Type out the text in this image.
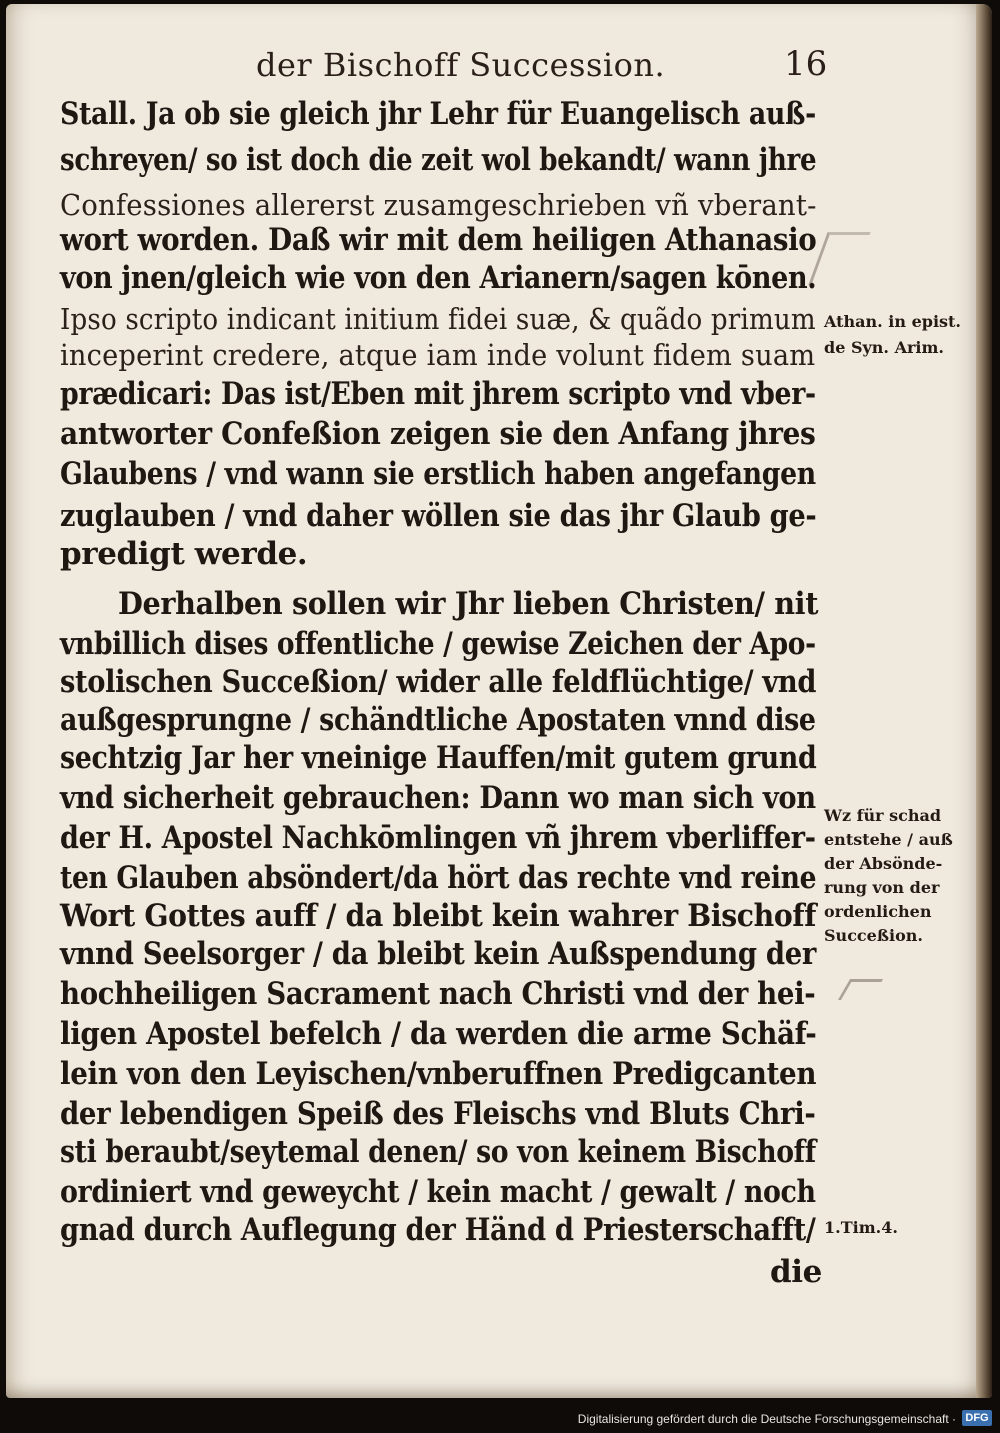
der Bischoff Succession.	16
Stall. Ja ob sie gleich jhr Lehr für Euangelisch auß-
schreyen/ so ist doch die zeit wol bekandt/ wann jhre
Confessiones allererst zusamgeschrieben vñ vberant-
wort worden. Daß wir mit dem heiligen Athanasio
von jnen/gleich wie von den Arianern/sagen kōnen.
Ipso scripto indicant initium fidei suæ, & quãdo primum
inceperint credere, atque iam inde volunt fidem suam
prædicari: Das ist/Eben mit jhrem scripto vnd vber-
antworter Confeßion zeigen sie den Anfang jhres
Glaubens / vnd wann sie erstlich haben angefangen
zuglauben / vnd daher wöllen sie das jhr Glaub ge-
predigt werde.
Derhalben sollen wir Jhr lieben Christen/ nit
vnbillich dises offentliche / gewise Zeichen der Apo-
stolischen Succeßion/ wider alle feldflüchtige/ vnd
außgesprungne / schändtliche Apostaten vnnd dise
sechtzig Jar her vneinige Hauffen/mit gutem grund
vnd sicherheit gebrauchen: Dann wo man sich von
der H. Apostel Nachkōmlingen vñ jhrem vberliffer-
ten Glauben absöndert/da hört das rechte vnd reine
Wort Gottes auff / da bleibt kein wahrer Bischoff
vnnd Seelsorger / da bleibt kein Außspendung der
hochheiligen Sacrament nach Christi vnd der hei-
ligen Apostel befelch / da werden die arme Schäf-
lein von den Leyischen/vnberuffnen Predigcanten
der lebendigen Speiß des Fleischs vnd Bluts Chri-
sti beraubt/seytemal denen/ so von keinem Bischoff
ordiniert vnd geweycht / kein macht / gewalt / noch
gnad durch Auflegung der Händ d Priesterschafft/
die
Athan. in epist.
de Syn. Arim.
Wz für schad
entstehe / auß
der Absönde-
rung von der
ordenlichen
Succeßion.
1.Tim.4.
Digitalisierung gefördert durch die Deutsche Forschungsgemeinschaft · DFG
